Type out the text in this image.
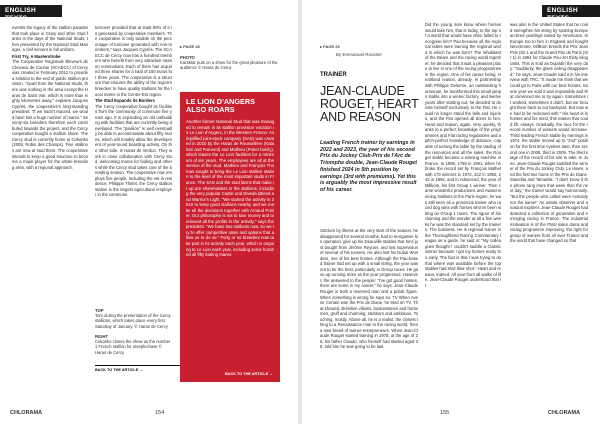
ENGLISH TEXTS

eventis the legacy of the stallion paradesthat took place in Cluny and other Stud farms in the days of the National Studs, then presented by the National Stud Manager, a civil servant in full uniform.

First Try, A Masterstroke

The Cooperative Régionale Éleveurs de Chevaux de Course (SCAECC) of Cercy was created in February 2012 to provide a solution to the end of public stallion provision. "Apart from the National Studs, there was nothing in the area except the Haras de Saint Voir, which is more than eighty kilometres away," explains Jacques Cyprès, the cooperative's long-standing president. "If we hadn't reacted, we would have lost a huge number of mares." Seventy-six breeders therefore each contributed towards the project, and the Cercy cooperative bought a stallion share. The Cercy stud is currently home to Cokoriko (2009, Robin des Champs). Five stallions are now at stud there. The cooperative intends to keep a good structure to become a major player for the whole breeding area, with a regional approach.

turnover provided that at least 80% of it is generated by cooperative members. The cooperative is only taxable on the percentage of turnover generated with non-members," says Jacques Cyprès. The SCAECC de Cercy now has a hundred members who benefit from very attractive rates on nominations. Each of them has acquired three shares for a total of 150 euros for three years. The cooperative is a structure that ensures the ability of the region's breeders to have quality stallions for the local mares in the Centre-Est region.

The Stud Expands its Borders

The Cercy cooperative bought its facilities from the community of commune five years ago. It is expanding an old outbuilding with facilities that are currently being developed. The "pavilion" is well eventually be able to accommodate about fifty mares, which will notably allow the development of year-round boarding activity. On the other side, is Haras de Verdun. They work in close collaboration with Cercy stud, welcoming mares for foaling and others while the Cercy stud takes care of the breeding season. The cooperative now employs five people. Including the vet in residence, Philippe Thiriet, the Cercy stallion station is the largest agricultural employer in the commune.

TOP
Tom during the presentation of the Cercy stallions, which takes place every first Saturday of January. © Haras de Cercy
RIGHT
Cokoriko closes the show as the number 1 French stallion for steeplechase © Haras de Cercy
BACK TO THE ARTICLE →
▸ PAGE 48
PHOTO
Karaktar puts on a show for the great pleasure of the audience © Haras de Cercy
LE LION D'ANGERS ALSO ROARS
Another former National Stud that was managed to remain in its stallion provision vocation is Le Lion d'Angers, in the Western France. Asimplified joint-stock company (SAS) was created in 2010 by the Haras de Rousselière (Kalahari and Pomerol) and Mathieu (Poiret family), which leases the Le Lion facilities for a minimum of ten years. The employees are all at the service of the stud. Mathieu and François Thomas sought to bring the Le Lion stallion station to the level of the most important studs in France. The SAS and the stud farms that make it up are shareholders in the stallions, including the very popular Castle and Diveda (Bleed and Warrior's Light. "We started the activity in 2010 to keep good stallions nearby and we make all the decisions together with Arnaud Poirier. Our philosophy is not to lose money and to reinvest all the profits in the activity," says the president. "We have two stallions now, so we try to offer competitive rates and options that allow us to do so." Forty or so breeders now take part in its activity each year, which is ongoing to Le Lion each year, including some hundred all fifty foaling mares.
BACK TO THE ARTICLE →
CHLORAMA	154
ENGLISH TEXTS
▸ PAGE 26
By Emmanuel Roussel
TRAINER
JEAN-CLAUDE ROUGET, HEART AND REASON
Leading French trainer by earnings in 2022 and 2023, the year of his second Prix du Jockey Club-Prix de l'Arc de Triomphe double, Jean-Claude Rouget finished 2024 in 5th position by earnings (3rd with premiums). Yet this is arguably the most impressive result of his career.
Stricken by illness at the very start of the season, he disappeared for several months, had to reorganise his operation, give up his Deauville stables that he'd just bought from Jérôme Reynier, and lost supervision of several of his runners. He also lost his Dubai Wonders, one of his best horses. Although the Pau-based trainer had set up with a small string, the year was not to be the best, particularly in Group races. He gave up running more as the year progressed. However, the answered to the people: "I've got good horses, there are some in my career," he says. Jean-Claude Rouget is both a reserved man and a public figure. When something is wrong he says so. TV When Avenir Certain won the Prix de Diane, he tried on TV. That showed, Brésilien villains, businessmen and horsemen, gruff and charming, stubborn and ambitious. Touching, mostly. Above all, he is a realist, the closest thing to a Renaissance man in the racing world, from a new breed of trainer-entrepreneurs. When Jean-Claude Rouget started training in 1978, at the age of 25, his father Claude, who himself had started aged 39, told him he was going to be last.
Did the young man know where horses would take him, that is today, to the top of a world that would have often failed to recognise him? Pau because all the regional riders were training the regional world in which he was born? The inhabitant of the Béarn and the racing world together, he decided that it was a pleasant place to live in one of the racing programmes in the region. One of his career being. Heartland reason, already. In partnership with Philippe Delorme, an outstanding horseman, he transformed this small jumps stable into a winner factory, and twelve years after starting out, he decided to devote himself exclusively to the Flat. He could no longer stand the falls and injuries, and the Flat opened all doors to him. Heart and reason, again. Very quickly, thanks to a perfect knowledge of the programmes and Flat racing regulations and a pitch-perfect knowledge of distance, capable of turning the table by the trading of the resources and all the sales, the Rouget stable became a winning machine in France. In 1989, 1789 in 1991, when he broke the record set by François Mathet with 173 winners in 1972, 222 in 1992, 242 in 1994, and in Adnanced, the year of Millkom, his first Group 1 winner. Then came wonderful productions and Award-winning stallions in the Paris region, he was still seen as a provincial trainer who raced dog wins with horses who've been sitting on Group 1 races. The rigour of his claiming and the wonder at all a few weeks he was the standard set by the trainers. The business. He is regional trainer in the Thoroughbred Racing Commentary league as a guide, he said in: "My colleagues thought I couldn't saddle a Classic winner because I got my horses ready too early. The fact is that I was trying to do that where was available before the top stables had shot their shot." Heart and reason, indeed. All year from all walks of life, Jean-Claude Rouget understood that it
was also in the United States that he could strengthen his string by spotting European-bred yearlings raised by Americans. In Europe too to him in England and bought Nevermore, Millkom breeds the Prix Jean Prat (Sir 1 and the Grand Prix de Paris (Sir 1) in 1994 for Claude Pou-zet thirty kilograms. This is sold as Dujardin the very day: "Suddenly, the glass ceiling disappeared," he says. Jean-Claude said it in his interview with TRC. "It made me think that we could go to Paris with our best horses. So one year we sold it was impossible and that convinced me to try again. Sometimes it worked, sometimes it didn't, but we brought them back to our backyard. But now we had to be reckoned with." His heart is in horses and his mind, this reason that could lift. Always. Gradually, the race for the record number of winners would increase. Third leading French stable by earnings in 1974, the stable moved up to "2nd" position for the first time eyeless later, then second one in 2008, third in 2009. The third stage of the record of his sire to take. In June, Jean-Claude Rouget saddled the winner of the Prix du Jockey Club, Le Havre, and the first two home in the Prix de Diane. Stacelita and Tamarisk. "I don't know if the phone rang more that week than the next day," the trainer would say humorously. "But the people who called were certainly not the same!" An astute observer and a natural explorer, Jean-Claude Rouget had detected a collection of generation and emerging racing in France. The industrial motivation is of the PMU sales dams and racing programme improving, the right for group of owners from all over France and the world that have changed so that
155	CHLORAMA
